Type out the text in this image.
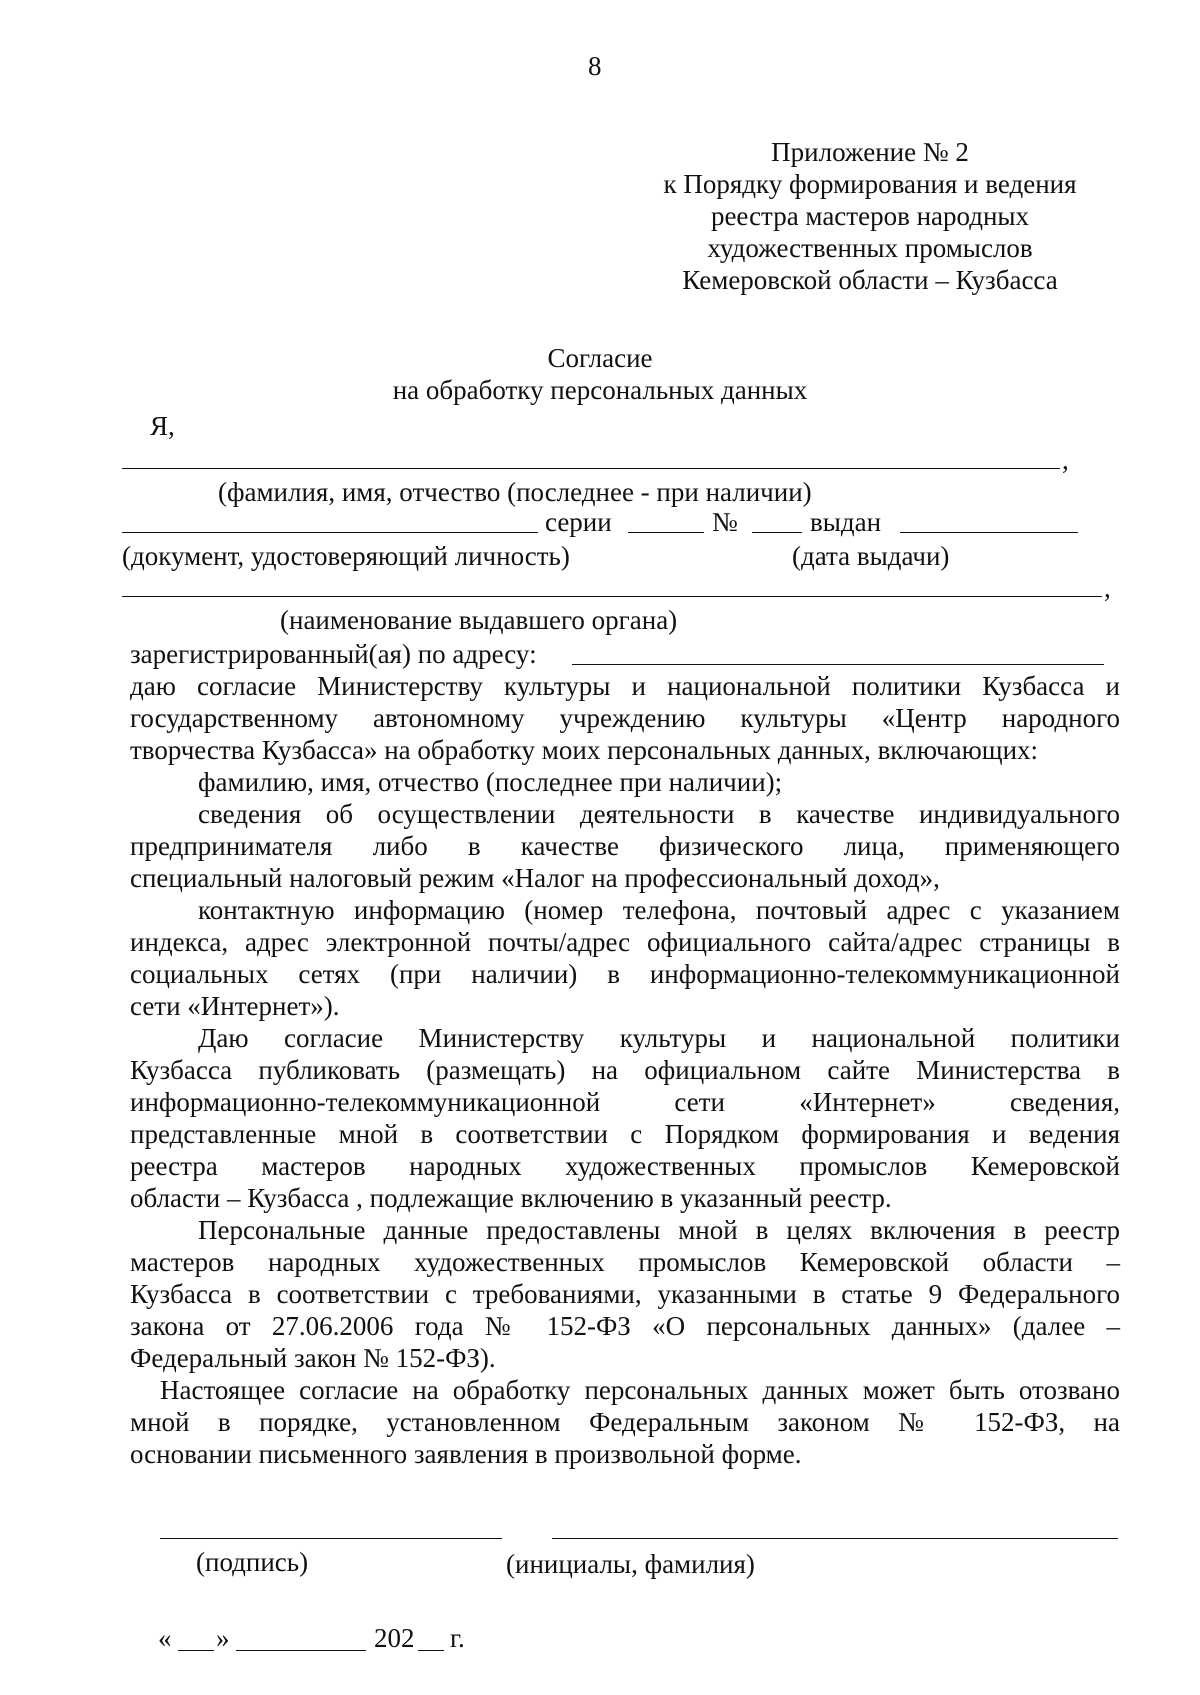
8
Приложение № 2
к Порядку формирования и ведения
реестра мастеров народных
художественных промыслов
Кемеровской области – Кузбасса
Согласие
на обработку персональных данных
Я,
,
(фамилия, имя, отчество (последнее - при наличии)
серии	№	выдан
(документ, удостоверяющий личность)	(дата выдачи)
,
(наименование выдавшего органа)
зарегистрированный(ая) по адресу:
даю согласие Министерству культуры и национальной политики Кузбасса и
государственному автономному учреждению культуры «Центр народного
творчества Кузбасса» на обработку моих персональных данных, включающих:
фамилию, имя, отчество (последнее при наличии);
сведения об осуществлении деятельности в качестве индивидуального
предпринимателя либо в качестве физического лица, применяющего
специальный налоговый режим «Налог на профессиональный доход»,
контактную информацию (номер телефона, почтовый адрес с указанием
индекса, адрес электронной почты/адрес официального сайта/адрес страницы в
социальных сетях (при наличии) в информационно-телекоммуникационной
сети «Интернет»).
Даю согласие Министерству культуры и национальной политики
Кузбасса публиковать (размещать) на официальном сайте Министерства в
информационно-телекоммуникационной сети «Интернет» сведения,
представленные мной в соответствии с Порядком формирования и ведения
реестра мастеров народных художественных промыслов Кемеровской
области – Кузбасса , подлежащие включению в указанный реестр.
Персональные данные предоставлены мной в целях включения в реестр
мастеров народных художественных промыслов Кемеровской области –
Кузбасса в соответствии с требованиями, указанными в статье 9 Федерального
закона от 27.06.2006 года № 152-ФЗ «О персональных данных» (далее –
Федеральный закон № 152-ФЗ).
Настоящее согласие на обработку персональных данных может быть отозвано
мной в порядке, установленном Федеральным законом № 152-ФЗ, на
основании письменного заявления в произвольной форме.
(подпись)	(инициалы, фамилия)
« »	202 г.
